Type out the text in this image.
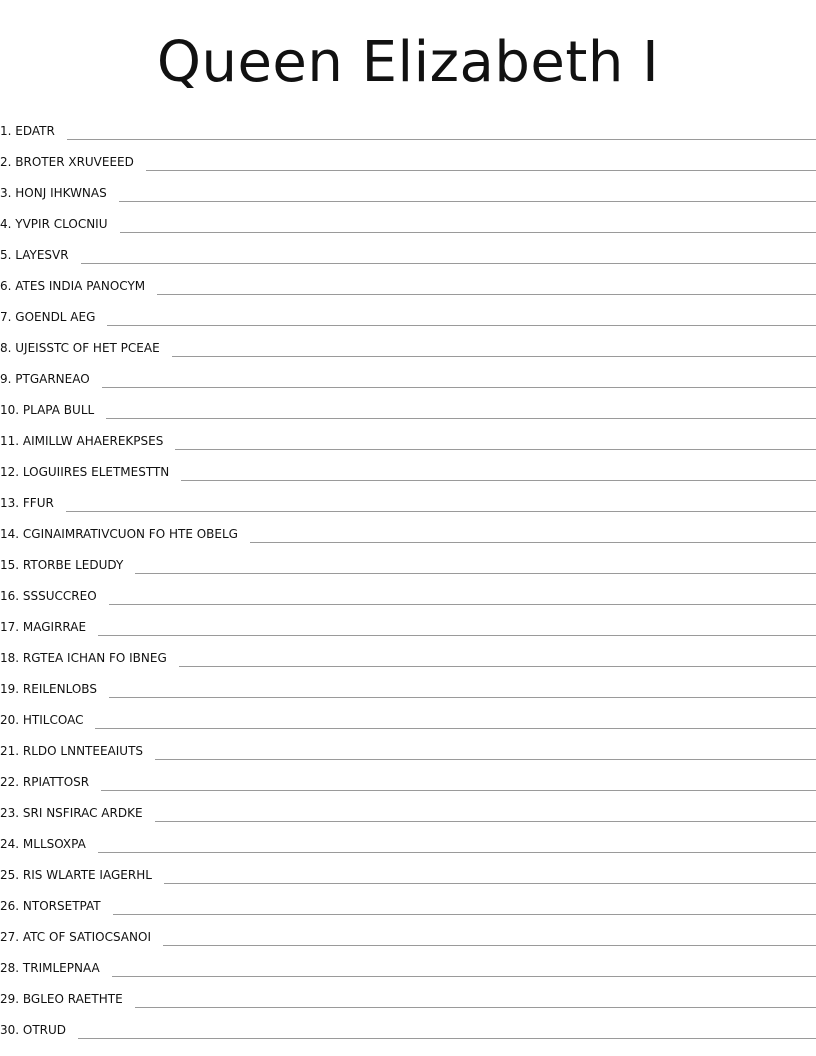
Queen Elizabeth I
1. EDATR
2. BROTER XRUVEEED
3. HONJ IHKWNAS
4. YVPIR CLOCNIU
5. LAYESVR
6. ATES INDIA PANOCYM
7. GOENDL AEG
8. UJEISSTC OF HET PCEAE
9. PTGARNEAO
10. PLAPA BULL
11. AIMILLW AHAEREKPSES
12. LOGUIIRES ELETMESTTN
13. FFUR
14. CGINAIMRATIVCUON FO HTE OBELG
15. RTORBE LEDUDY
16. SSSUCCREO
17. MAGIRRAE
18. RGTEA ICHAN FO IBNEG
19. REILENLOBS
20. HTILCOAC
21. RLDO LNNTEEAIUTS
22. RPIATTOSR
23. SRI NSFIRAC ARDKE
24. MLLSOXPA
25. RIS WLARTE IAGERHL
26. NTORSETPAT
27. ATC OF SATIOCSANOI
28. TRIMLEPNAA
29. BGLEO RAETHTE
30. OTRUD
